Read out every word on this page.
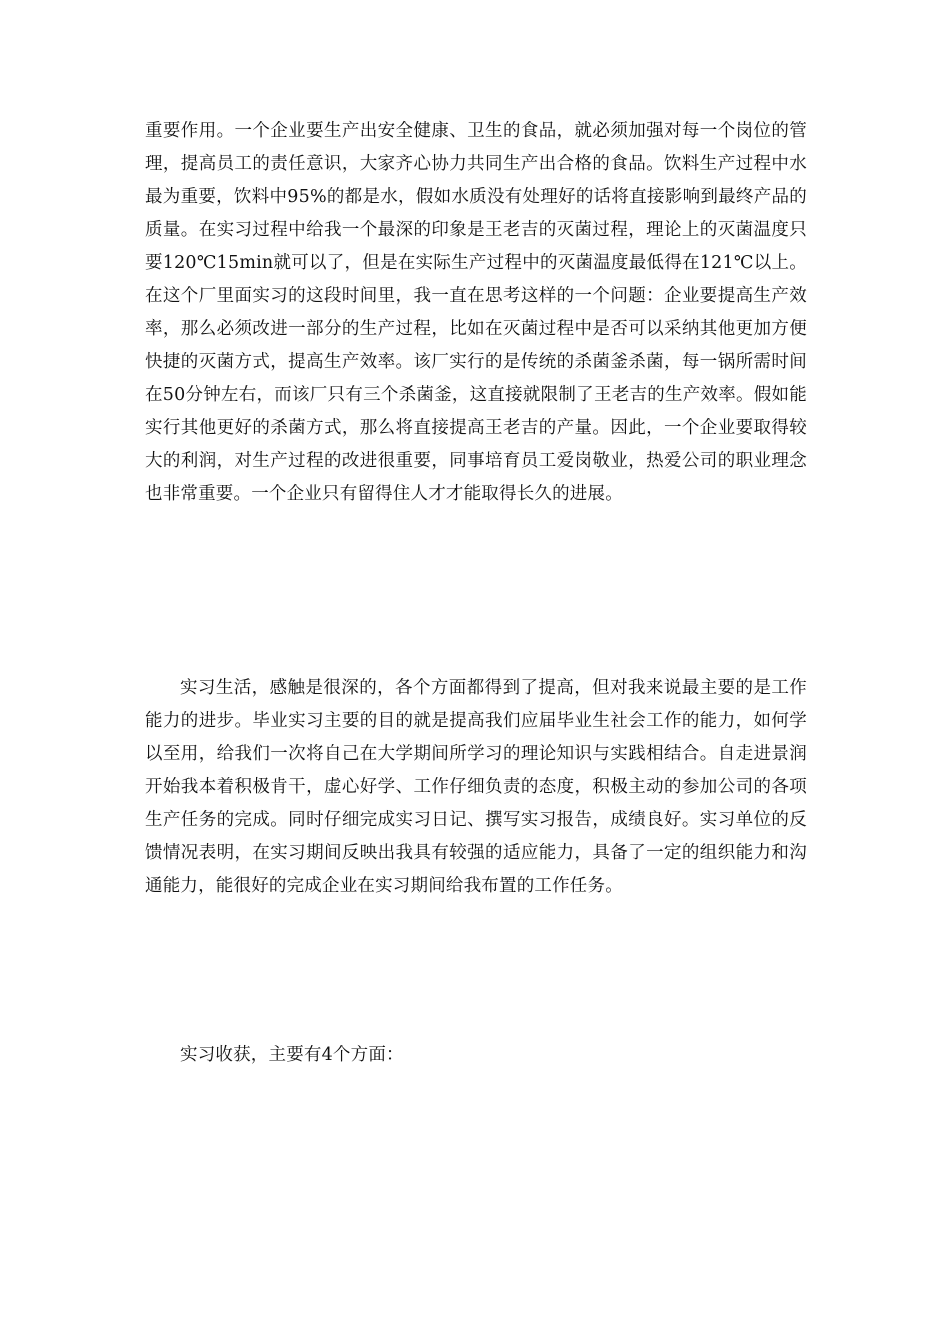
重要作用。一个企业要生产出安全健康、卫生的食品，就必须加强对每一个岗位的管理，提高员工的责任意识，大家齐心协力共同生产出合格的食品。饮料生产过程中水最为重要，饮料中95%的都是水，假如水质没有处理好的话将直接影响到最终产品的质量。在实习过程中给我一个最深的印象是王老吉的灭菌过程，理论上的灭菌温度只要120℃15min就可以了，但是在实际生产过程中的灭菌温度最低得在121℃以上。在这个厂里面实习的这段时间里，我一直在思考这样的一个问题：企业要提高生产效率，那么必须改进一部分的生产过程，比如在灭菌过程中是否可以采纳其他更加方便快捷的灭菌方式，提高生产效率。该厂实行的是传统的杀菌釜杀菌，每一锅所需时间在50分钟左右，而该厂只有三个杀菌釜，这直接就限制了王老吉的生产效率。假如能实行其他更好的杀菌方式，那么将直接提高王老吉的产量。因此，一个企业要取得较大的利润，对生产过程的改进很重要，同事培育员工爱岗敬业，热爱公司的职业理念也非常重要。一个企业只有留得住人才才能取得长久的进展。

实习生活，感触是很深的，各个方面都得到了提高，但对我来说最主要的是工作能力的进步。毕业实习主要的目的就是提高我们应届毕业生社会工作的能力，如何学以至用，给我们一次将自己在大学期间所学习的理论知识与实践相结合。自走进景润开始我本着积极肯干，虚心好学、工作仔细负责的态度，积极主动的参加公司的各项生产任务的完成。同时仔细完成实习日记、撰写实习报告，成绩良好。实习单位的反馈情况表明，在实习期间反映出我具有较强的适应能力，具备了一定的组织能力和沟通能力，能很好的完成企业在实习期间给我布置的工作任务。

实习收获，主要有4个方面：
